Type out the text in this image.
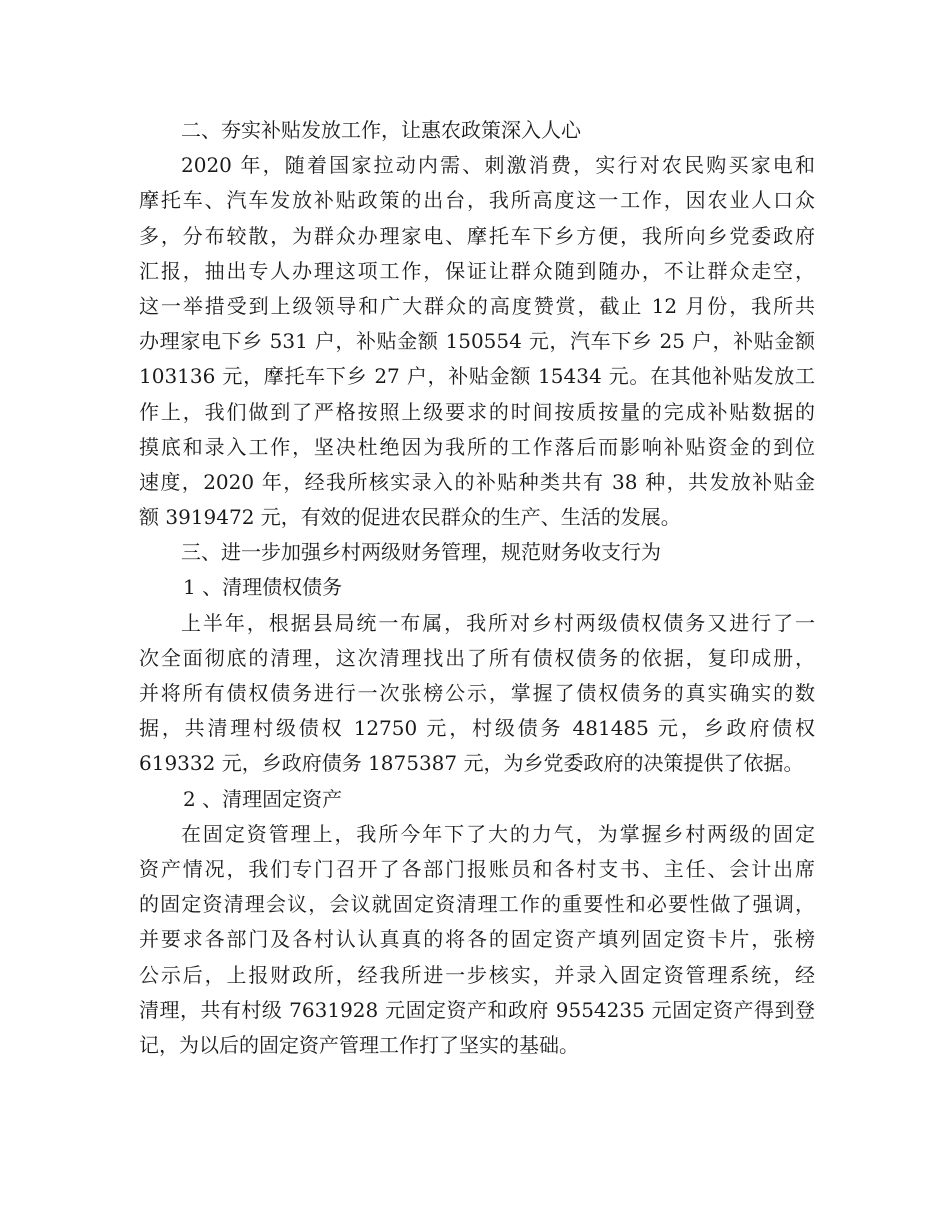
二、夯实补贴发放工作，让惠农政策深入人心
2020 年，随着国家拉动内需、刺激消费，实行对农民购买家电和
摩托车、汽车发放补贴政策的出台，我所高度这一工作，因农业人口众
多，分布较散，为群众办理家电、摩托车下乡方便，我所向乡党委政府
汇报，抽出专人办理这项工作，保证让群众随到随办，不让群众走空，
这一举措受到上级领导和广大群众的高度赞赏，截止 12 月份，我所共
办理家电下乡 531 户，补贴金额 150554 元，汽车下乡 25 户，补贴金额
103136 元，摩托车下乡 27 户，补贴金额 15434 元。在其他补贴发放工
作上，我们做到了严格按照上级要求的时间按质按量的完成补贴数据的
摸底和录入工作，坚决杜绝因为我所的工作落后而影响补贴资金的到位
速度，2020 年，经我所核实录入的补贴种类共有 38 种，共发放补贴金
额 3919472 元，有效的促进农民群众的生产、生活的发展。
三、进一步加强乡村两级财务管理，规范财务收支行为
1 、清理债权债务
上半年，根据县局统一布属，我所对乡村两级债权债务又进行了一
次全面彻底的清理，这次清理找出了所有债权债务的依据，复印成册，
并将所有债权债务进行一次张榜公示，掌握了债权债务的真实确实的数
据，共清理村级债权 12750 元，村级债务 481485 元，乡政府债权
619332 元，乡政府债务 1875387 元，为乡党委政府的决策提供了依据。
2 、清理固定资产
在固定资管理上，我所今年下了大的力气，为掌握乡村两级的固定
资产情况，我们专门召开了各部门报账员和各村支书、主任、会计出席
的固定资清理会议，会议就固定资清理工作的重要性和必要性做了强调，
并要求各部门及各村认认真真的将各的固定资产填列固定资卡片，张榜
公示后，上报财政所，经我所进一步核实，并录入固定资管理系统，经
清理，共有村级 7631928 元固定资产和政府 9554235 元固定资产得到登
记，为以后的固定资产管理工作打了坚实的基础。
